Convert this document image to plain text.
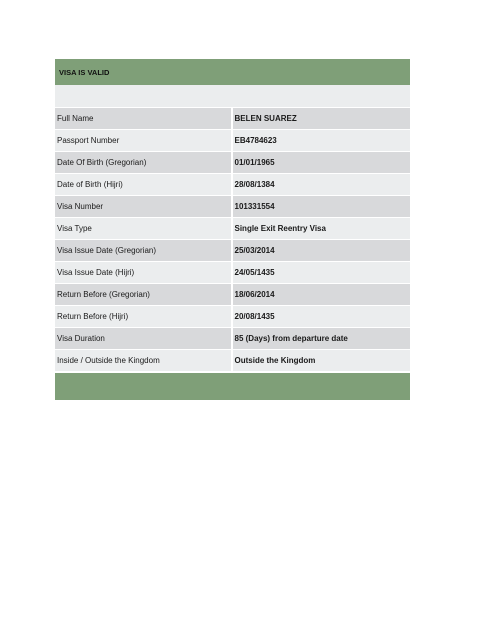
VISA IS VALID	

Full Name	BELEN SUAREZ
Passport Number	EB4784623
Date Of Birth (Gregorian)	01/01/1965
Date of Birth (Hijri)	28/08/1384
Visa Number	101331554
Visa Type	Single Exit Reentry Visa
Visa Issue Date (Gregorian)	25/03/2014
Visa Issue Date (Hijri)	24/05/1435
Return Before (Gregorian)	18/06/2014
Return Before (Hijri)	20/08/1435
Visa Duration	85 (Days) from departure date
Inside / Outside the Kingdom	Outside the Kingdom
